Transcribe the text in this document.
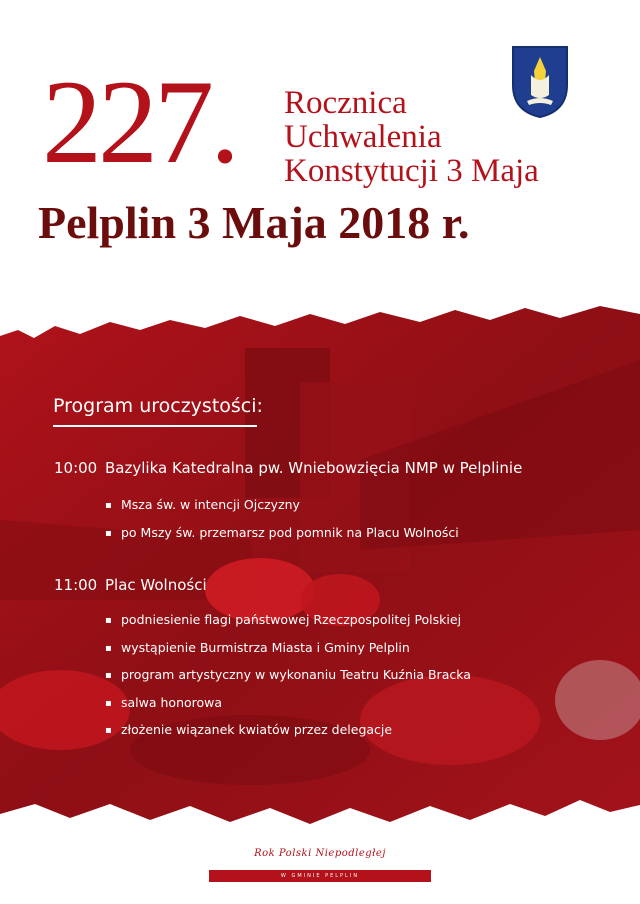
227. Rocznica
Uchwalenia
Konstytucji 3 Maja
Pelplin 3 Maja 2018 r.
Program uroczystości:
10:00 Bazylika Katedralna pw. Wniebowzięcia NMP w Pelplinie
▪ Msza św. w intencji Ojczyzny
▪ po Mszy św. przemarsz pod pomnik na Placu Wolności
11:00 Plac Wolności
▪ podniesienie flagi państwowej Rzeczpospolitej Polskiej
▪ wystąpienie Burmistrza Miasta i Gminy Pelplin
▪ program artystyczny w wykonaniu Teatru Kuźnia Bracka
▪ salwa honorowa
▪ złożenie wiązanek kwiatów przez delegacje
Rok Polski Niepodległej
W GMINIE PELPLIN
